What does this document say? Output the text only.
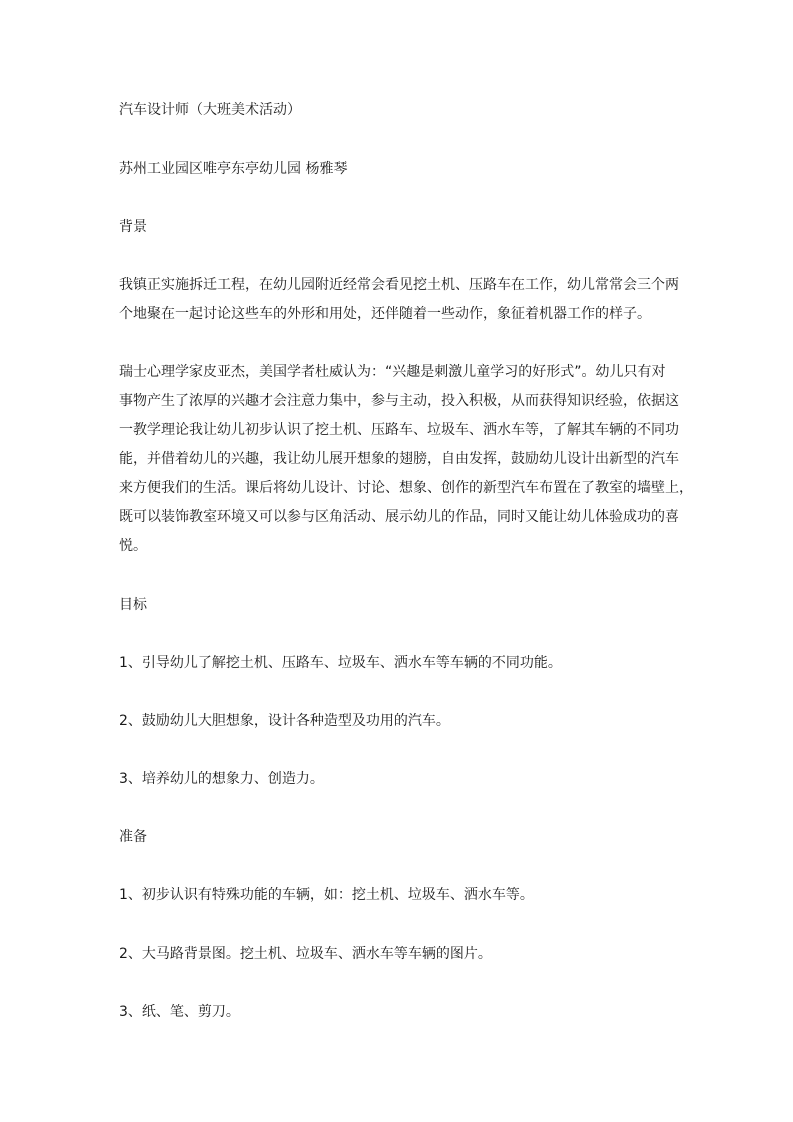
汽车设计师（大班美术活动）

苏州工业园区唯亭东亭幼儿园 杨雅琴

背景

我镇正实施拆迁工程，在幼儿园附近经常会看见挖土机、压路车在工作，幼儿常常会三个两
个地聚在一起讨论这些车的外形和用处，还伴随着一些动作，象征着机器工作的样子。
瑞士心理学家皮亚杰，美国学者杜威认为：“兴趣是刺激儿童学习的好形式”。幼儿只有对
事物产生了浓厚的兴趣才会注意力集中，参与主动，投入积极，从而获得知识经验，依据这
一教学理论我让幼儿初步认识了挖土机、压路车、垃圾车、洒水车等，了解其车辆的不同功
能，并借着幼儿的兴趣，我让幼儿展开想象的翅膀，自由发挥，鼓励幼儿设计出新型的汽车
来方便我们的生活。课后将幼儿设计、讨论、想象、创作的新型汽车布置在了教室的墙壁上，
既可以装饰教室环境又可以参与区角活动、展示幼儿的作品，同时又能让幼儿体验成功的喜
悦。

目标

1、引导幼儿了解挖土机、压路车、垃圾车、洒水车等车辆的不同功能。

2、鼓励幼儿大胆想象，设计各种造型及功用的汽车。

3、培养幼儿的想象力、创造力。

准备

1、初步认识有特殊功能的车辆，如：挖土机、垃圾车、洒水车等。

2、大马路背景图。挖土机、垃圾车、洒水车等车辆的图片。

3、纸、笔、剪刀。
